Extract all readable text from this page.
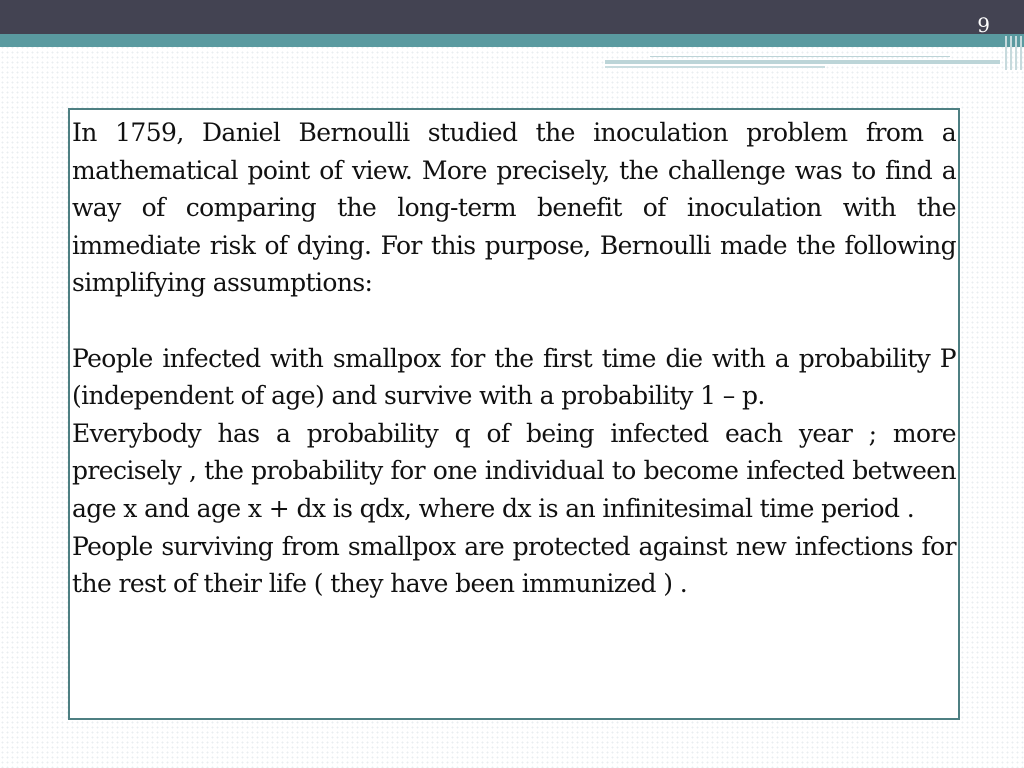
9

In 1759, Daniel Bernoulli studied the inoculation problem from a mathematical point of view. More precisely, the challenge was to find a way of comparing the long-term benefit of inoculation with the immediate risk of dying. For this purpose, Bernoulli made the following simplifying assumptions:

People infected with smallpox for the first time die with a probability P (independent of age) and survive with a probability 1 – p.

Everybody has a probability q of being infected each year ; more precisely , the probability for one individual to become infected between age x and age x + dx is qdx, where dx is an infinitesimal time period .

People surviving from smallpox are protected against new infections for the rest of their life ( they have been immunized ) .
